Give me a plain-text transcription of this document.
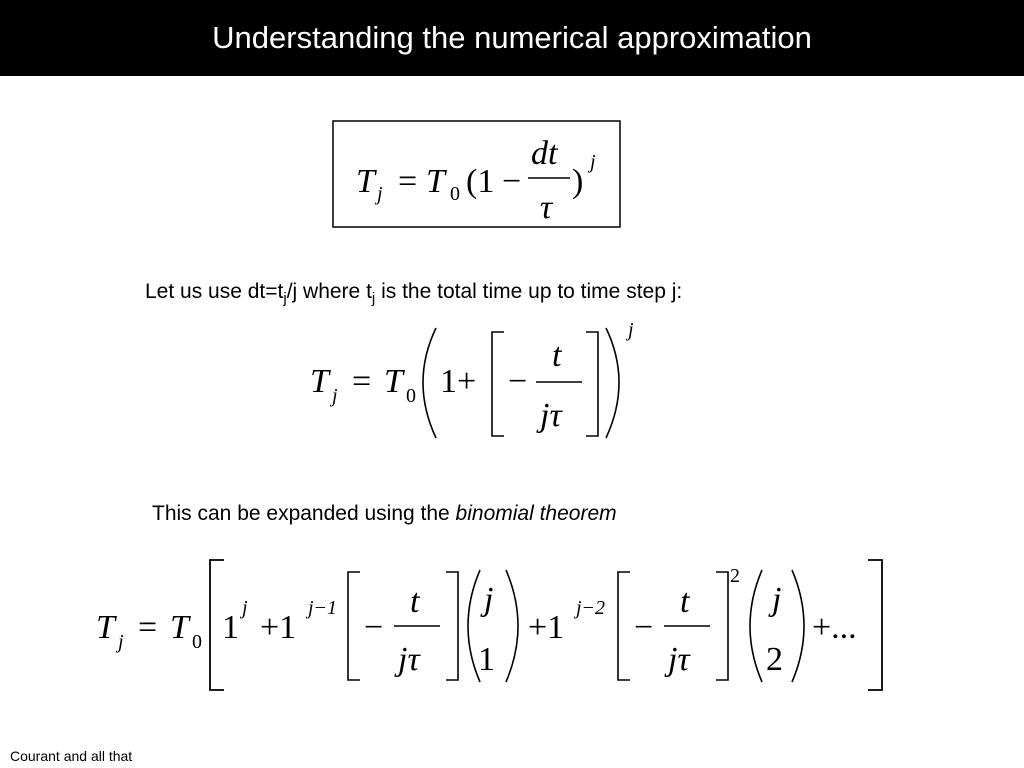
Understanding the numerical approximation
T j = T 0 (1 −
dt
τ
)
j
Let us use $dt=t_j/j$ where $t_j$ is the total time up to time step j:
T j = T 0 1+ −
t
jτ
j
This can be expanded using the binomial theorem
T j = T 0 1
j
+1
j−1
−
t
jτ
j
1
+1
j−2
−
t
jτ
2
j
2
+...
Courant and all that
